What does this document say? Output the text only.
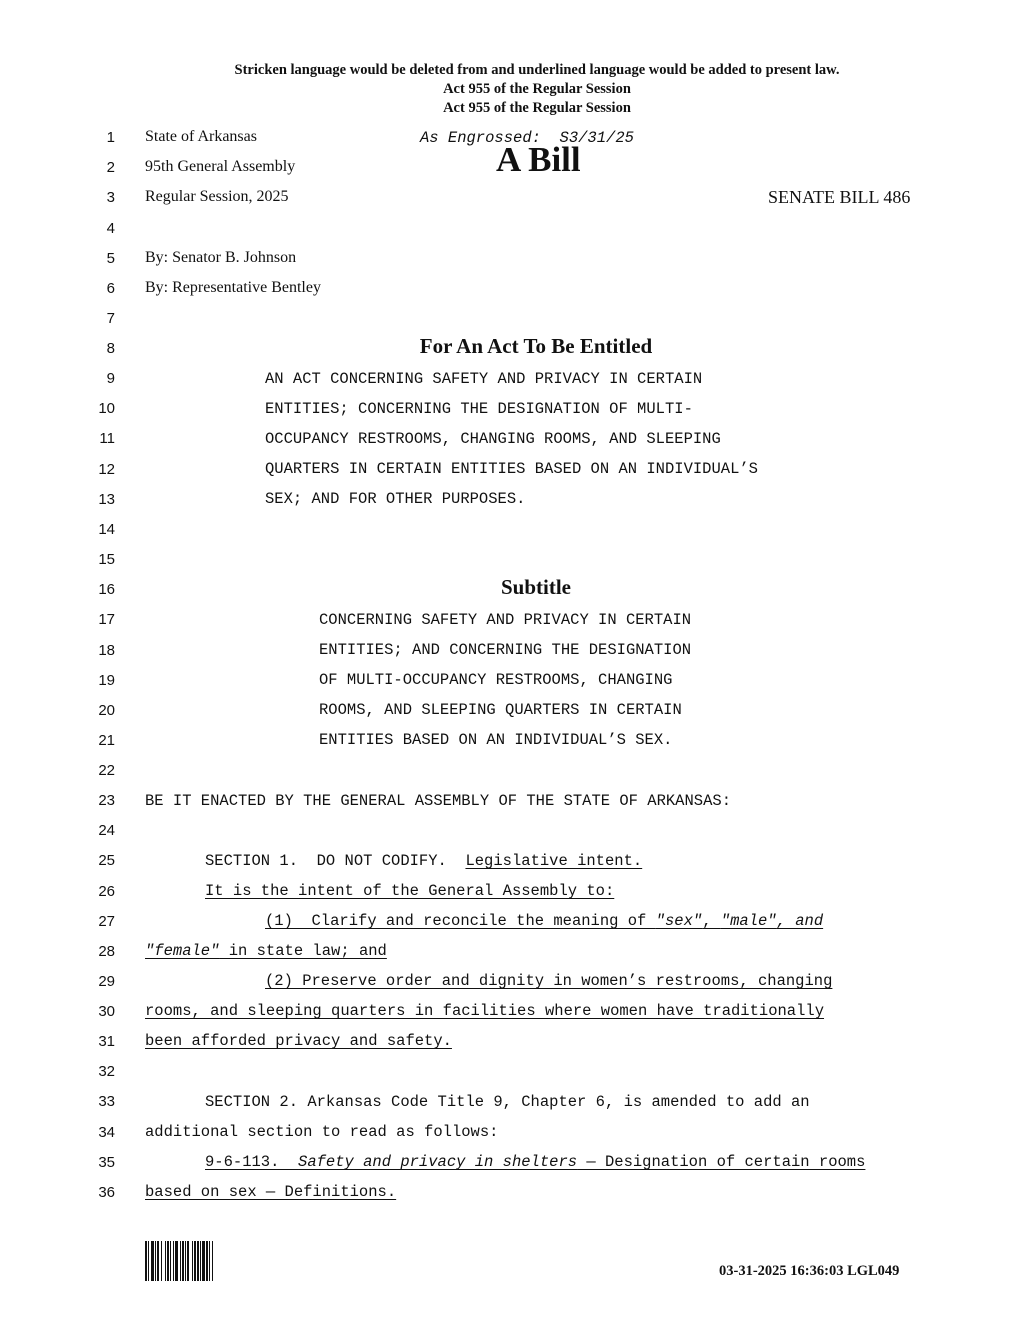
Stricken language would be deleted from and underlined language would be added to present law.
Act 955 of the Regular Session
Act 955 of the Regular Session
1
2
3
4
5
6
7
8
9
10
11
12
13
14
15
16
17
18
19
20
21
22
23
24
25
26
27
28
29
30
31
32
33
34
35
36
State of Arkansas
95th General Assembly
Regular Session, 2025
As Engrossed:  S3/31/25
A Bill
SENATE BILL 486
By: Senator B. Johnson
By: Representative Bentley
For An Act To Be Entitled
AN ACT CONCERNING SAFETY AND PRIVACY IN CERTAIN
ENTITIES; CONCERNING THE DESIGNATION OF MULTI-
OCCUPANCY RESTROOMS, CHANGING ROOMS, AND SLEEPING
QUARTERS IN CERTAIN ENTITIES BASED ON AN INDIVIDUAL’S
SEX; AND FOR OTHER PURPOSES.
Subtitle
CONCERNING SAFETY AND PRIVACY IN CERTAIN
ENTITIES; AND CONCERNING THE DESIGNATION
OF MULTI-OCCUPANCY RESTROOMS, CHANGING
ROOMS, AND SLEEPING QUARTERS IN CERTAIN
ENTITIES BASED ON AN INDIVIDUAL’S SEX.
BE IT ENACTED BY THE GENERAL ASSEMBLY OF THE STATE OF ARKANSAS:
SECTION 1.  DO NOT CODIFY.  Legislative intent.
It is the intent of the General Assembly to:
(1)  Clarify and reconcile the meaning of "sex", "male", and
"female" in state law; and
(2) Preserve order and dignity in women’s restrooms, changing
rooms, and sleeping quarters in facilities where women have traditionally
been afforded privacy and safety.
SECTION 2. Arkansas Code Title 9, Chapter 6, is amended to add an
additional section to read as follows:
9-6-113.  Safety and privacy in shelters — Designation of certain rooms
based on sex — Definitions.
03-31-2025 16:36:03 LGL049
